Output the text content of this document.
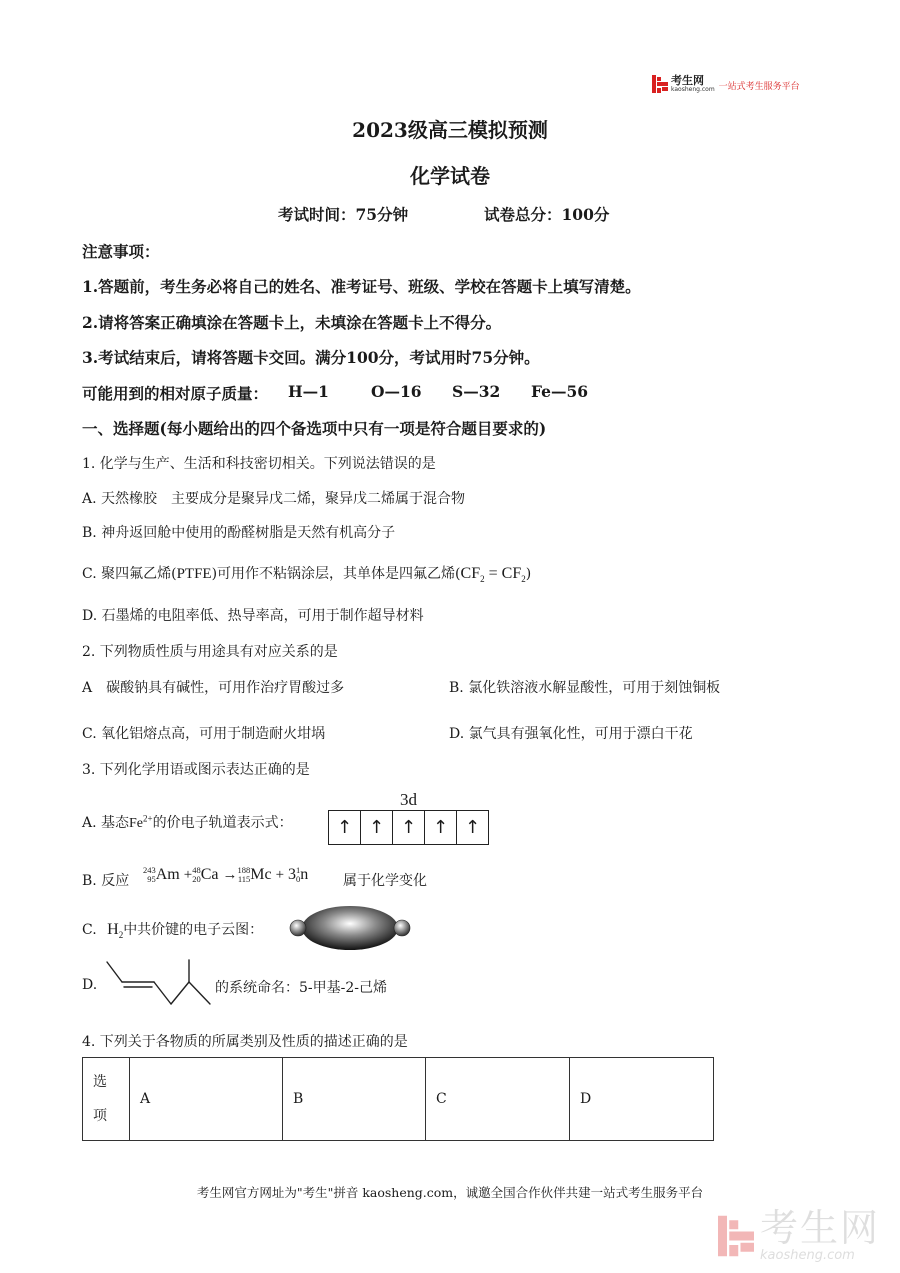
考生网
kaosheng.com 一站式考生服务平台
2023级高三模拟预测
化学试卷
考试时间：75分钟	试卷总分：100分
注意事项：
1.答题前，考生务必将自己的姓名、准考证号、班级、学校在答题卡上填写清楚。
2.请将答案正确填涂在答题卡上，未填涂在答题卡上不得分。
3.考试结束后，请将答题卡交回。满分100分，考试用时75分钟。
可能用到的相对原子质量： H—1	O—16 S—32 Fe—56
一、选择题(每小题给出的四个备选项中只有一项是符合题目要求的)
1. 化学与生产、生活和科技密切相关。下列说法错误的是
A. 天然橡胶　主要成分是聚异戊二烯，聚异戊二烯属于混合物
B. 神舟返回舱中使用的酚醛树脂是天然有机高分子
C. 聚四氟乙烯(PTFE)可用作不粘锅涂层，其单体是四氟乙烯$(CF_2 = CF_2)$
D. 石墨烯的电阻率低、热导率高，可用于制作超导材料
2. 下列物质性质与用途具有对应关系的是
A　碳酸钠具有碱性，可用作治疗胃酸过多	B. 氯化铁溶液水解显酸性，可用于刻蚀铜板
C. 氧化铝熔点高，可用于制造耐火坩埚	D. 氯气具有强氧化性，可用于漂白干花
3. 下列化学用语或图示表达正确的是
3d
A. 基态$Fe^{2+}$的价电子轨道表示式： ↑	↑	↑	↑	↑
B. 反应
243
95 Am + 48
20 Ca → 188
115 Mc + 3 1
0 n 属于化学变化
C. $H_2$中共价键的电子云图：
D.	的系统命名：5-甲基-2-己烯
4. 下列关于各物质的所属类别及性质的描述正确的是
选
项
	A	B	C	D
考生网官方网址为"考生"拼音 kaosheng.com，诚邀全国合作伙伴共建一站式考生服务平台
考生网
kaosheng.com
